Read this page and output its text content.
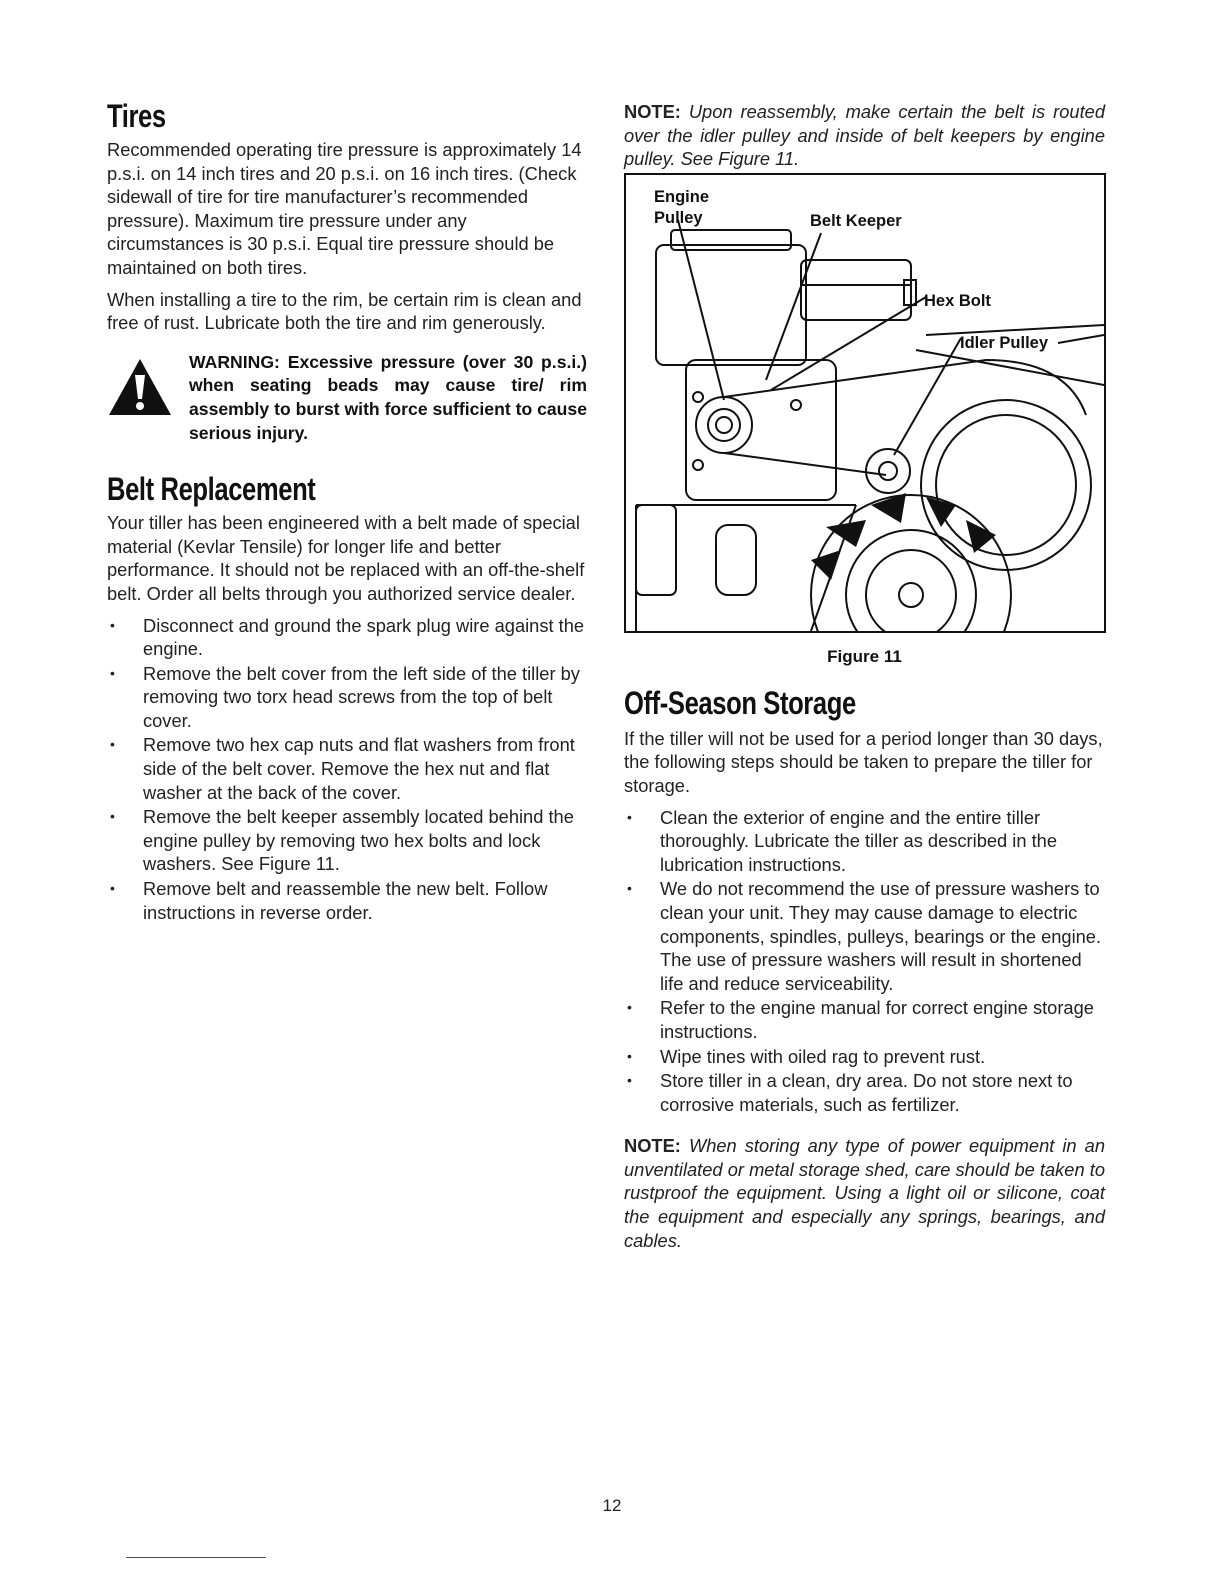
Tires

Recommended operating tire pressure is approximately 14 p.s.i. on 14 inch tires and 20 p.s.i. on 16 inch tires. (Check sidewall of tire for tire manufacturer’s recommended pressure). Maximum tire pressure under any circumstances is 30 p.s.i. Equal tire pressure should be maintained on both tires.

When installing a tire to the rim, be certain rim is clean and free of rust. Lubricate both the tire and rim generously.

WARNING: Excessive pressure (over 30 p.s.i.) when seating beads may cause tire/ rim assembly to burst with force sufficient to cause serious injury.
Belt Replacement

Your tiller has been engineered with a belt made of special material (Kevlar Tensile) for longer life and better performance. It should not be replaced with an off-the-shelf belt. Order all belts through you authorized service dealer.

• Disconnect and ground the spark plug wire against the engine.
• Remove the belt cover from the left side of the tiller by removing two torx head screws from the top of belt cover.
• Remove two hex cap nuts and flat washers from front side of the belt cover. Remove the hex nut and flat washer at the back of the cover.
• Remove the belt keeper assembly located behind the engine pulley by removing two hex bolts and lock washers. See Figure 11.
• Remove belt and reassemble the new belt. Follow instructions in reverse order.
NOTE: Upon reassembly, make certain the belt is routed over the idler pulley and inside of belt keepers by engine pulley. See Figure 11.
Engine
Pulley	Belt Keeper
Hex Bolt
Idler Pulley
Figure 11
Off-Season Storage

If the tiller will not be used for a period longer than 30 days, the following steps should be taken to prepare the tiller for storage.

• Clean the exterior of engine and the entire tiller thoroughly. Lubricate the tiller as described in the lubrication instructions.
• We do not recommend the use of pressure washers to clean your unit. They may cause damage to electric components, spindles, pulleys, bearings or the engine. The use of pressure washers will result in shortened life and reduce serviceability.
• Refer to the engine manual for correct engine storage instructions.
• Wipe tines with oiled rag to prevent rust.
• Store tiller in a clean, dry area. Do not store next to corrosive materials, such as fertilizer.
NOTE: When storing any type of power equipment in an unventilated or metal storage shed, care should be taken to rustproof the equipment. Using a light oil or silicone, coat the equipment and especially any springs, bearings, and cables.
12
